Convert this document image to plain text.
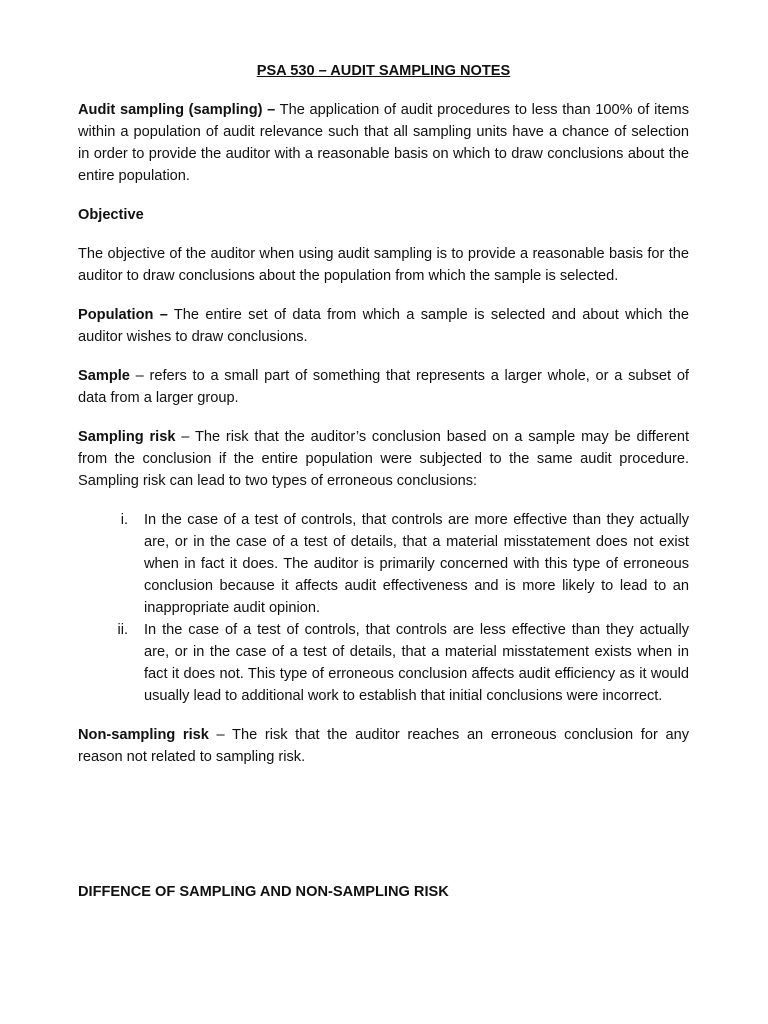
PSA 530 – AUDIT SAMPLING NOTES

Audit sampling (sampling) – The application of audit procedures to less than 100% of items within a population of audit relevance such that all sampling units have a chance of selection in order to provide the auditor with a reasonable basis on which to draw conclusions about the entire population.

Objective

The objective of the auditor when using audit sampling is to provide a reasonable basis for the auditor to draw conclusions about the population from which the sample is selected.

Population – The entire set of data from which a sample is selected and about which the auditor wishes to draw conclusions.

Sample – refers to a small part of something that represents a larger whole, or a subset of data from a larger group.

Sampling risk – The risk that the auditor’s conclusion based on a sample may be different from the conclusion if the entire population were subjected to the same audit procedure. Sampling risk can lead to two types of erroneous conclusions:

i. In the case of a test of controls, that controls are more effective than they actually are, or in the case of a test of details, that a material misstatement does not exist when in fact it does. The auditor is primarily concerned with this type of erroneous conclusion because it affects audit effectiveness and is more likely to lead to an inappropriate audit opinion.
ii. In the case of a test of controls, that controls are less effective than they actually are, or in the case of a test of details, that a material misstatement exists when in fact it does not. This type of erroneous conclusion affects audit efficiency as it would usually lead to additional work to establish that initial conclusions were incorrect.

Non-sampling risk – The risk that the auditor reaches an erroneous conclusion for any reason not related to sampling risk.

DIFFENCE OF SAMPLING AND NON-SAMPLING RISK
